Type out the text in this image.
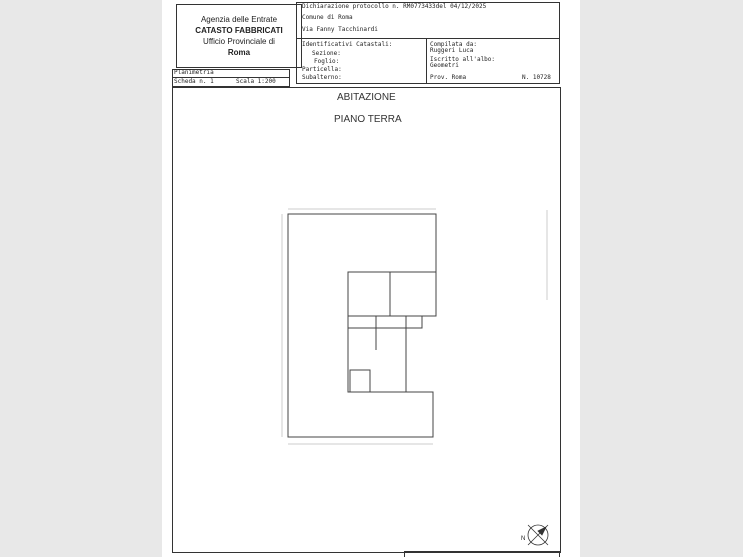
Agenzia delle Entrate
CATASTO FABBRICATI
Ufficio Provinciale di
Roma
Dichiarazione protocollo n. RM0773433del 04/12/2025
Comune di Roma
Via Fanny Tacchinardi
Identificativi Catastali:
Sezione:
Foglio:
Particella:
Subalterno:
Compilata da:
Ruggeri Luca
Iscritto all'albo:
Geometri
Prov. Roma	N. 10728
Planimetria
Scheda n. 1	Scala 1:200
ABITAZIONE
PIANO TERRA
N
